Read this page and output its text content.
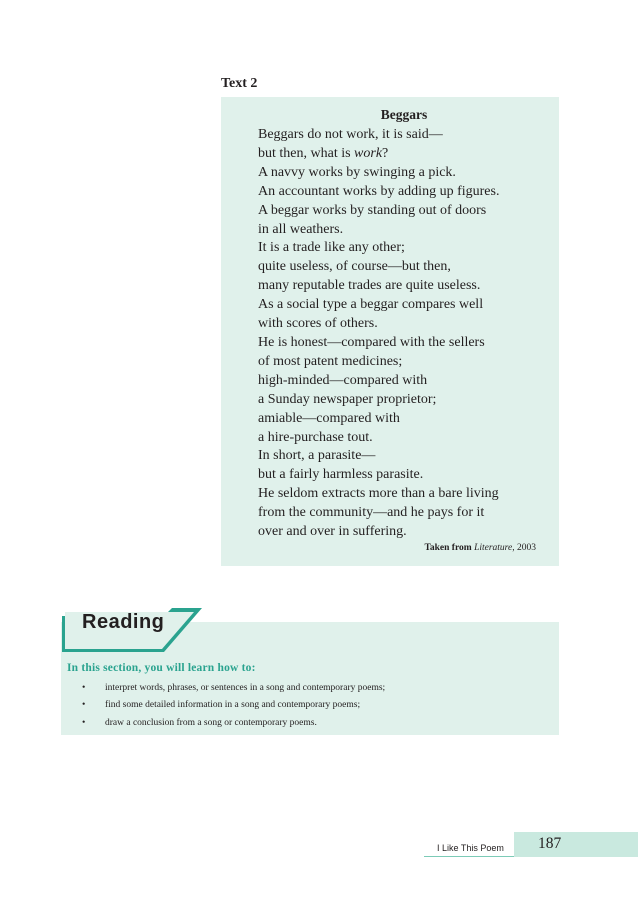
Text 2
Beggars
Beggars do not work, it is said—
but then, what is work?
A navvy works by swinging a pick.
An accountant works by adding up figures.
A beggar works by standing out of doors
in all weathers.
It is a trade like any other;
quite useless, of course—but then,
many reputable trades are quite useless.
As a social type a beggar compares well
with scores of others.
He is honest—compared with the sellers
of most patent medicines;
high-minded—compared with
a Sunday newspaper proprietor;
amiable—compared with
a hire-purchase tout.
In short, a parasite—
but a fairly harmless parasite.
He seldom extracts more than a bare living
from the community—and he pays for it
over and over in suffering.
Taken from Literature, 2003
In this section, you will learn how to:
• interpret words, phrases, or sentences in a song and contemporary poems;
• find some detailed information in a song and contemporary poems;
• draw a conclusion from a song or contemporary poems.
Reading
I Like This Poem 187
